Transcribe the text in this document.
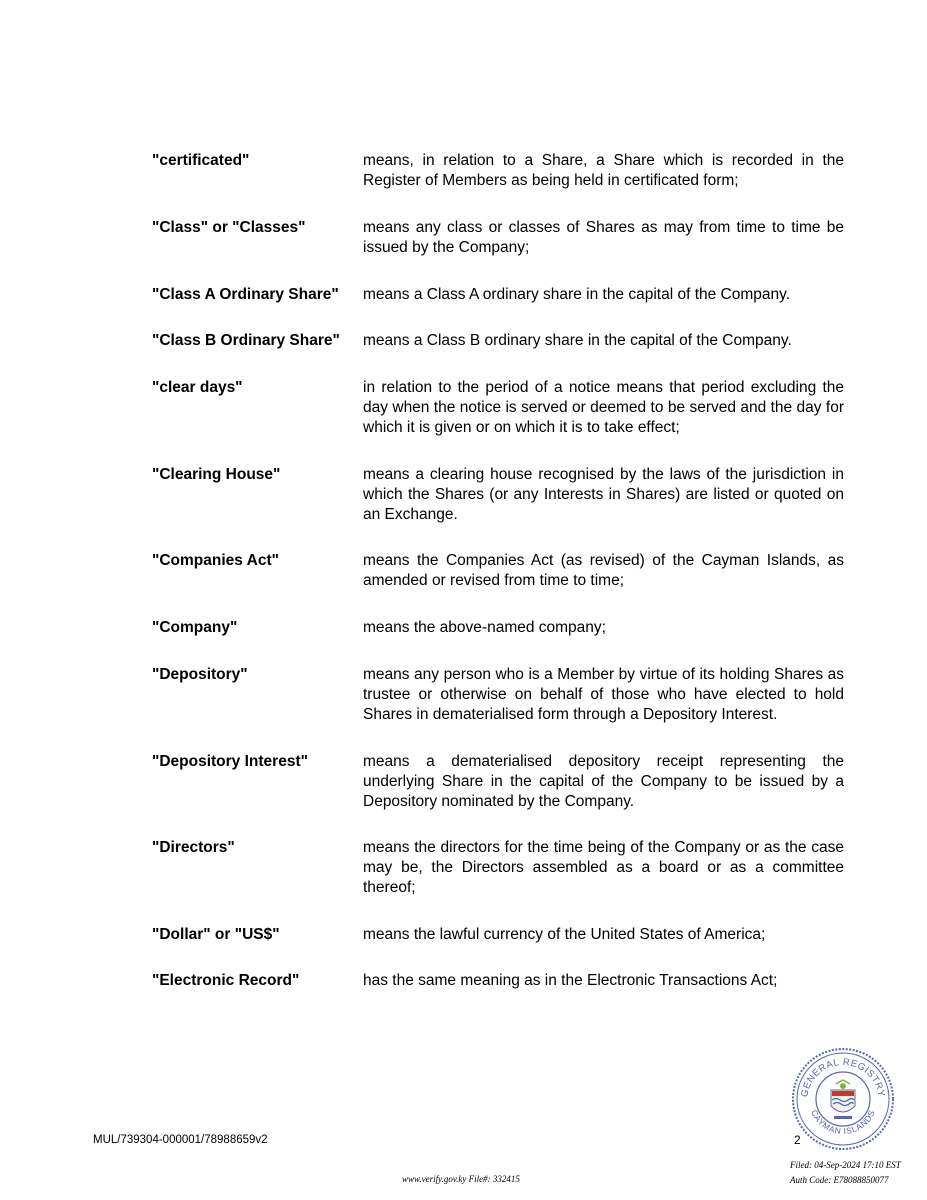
"certificated"	means, in relation to a Share, a Share which is recorded in the Register of Members as being held in certificated form;
"Class" or "Classes"	means any class or classes of Shares as may from time to time be issued by the Company;
"Class A Ordinary Share"	means a Class A ordinary share in the capital of the Company.
"Class B Ordinary Share"	means a Class B ordinary share in the capital of the Company.
"clear days"	in relation to the period of a notice means that period excluding the day when the notice is served or deemed to be served and the day for which it is given or on which it is to take effect;
"Clearing House"	means a clearing house recognised by the laws of the jurisdiction in which the Shares (or any Interests in Shares) are listed or quoted on an Exchange.
"Companies Act"	means the Companies Act (as revised) of the Cayman Islands, as amended or revised from time to time;
"Company"	means the above-named company;
"Depository"	means any person who is a Member by virtue of its holding Shares as trustee or otherwise on behalf of those who have elected to hold Shares in dematerialised form through a Depository Interest.
"Depository Interest"	means a dematerialised depository receipt representing the underlying Share in the capital of the Company to be issued by a Depository nominated by the Company.
"Directors"	means the directors for the time being of the Company or as the case may be, the Directors assembled as a board or as a committee thereof;
"Dollar" or "US$"	means the lawful currency of the United States of America;
"Electronic Record"	has the same meaning as in the Electronic Transactions Act;
GENERAL REGISTRY
CAYMAN ISLANDS
MUL/739304-000001/78988659v2	2
Filed: 04-Sep-2024 17:10 EST
Auth Code: E78088850077
www.verify.gov.ky File#: 332415
